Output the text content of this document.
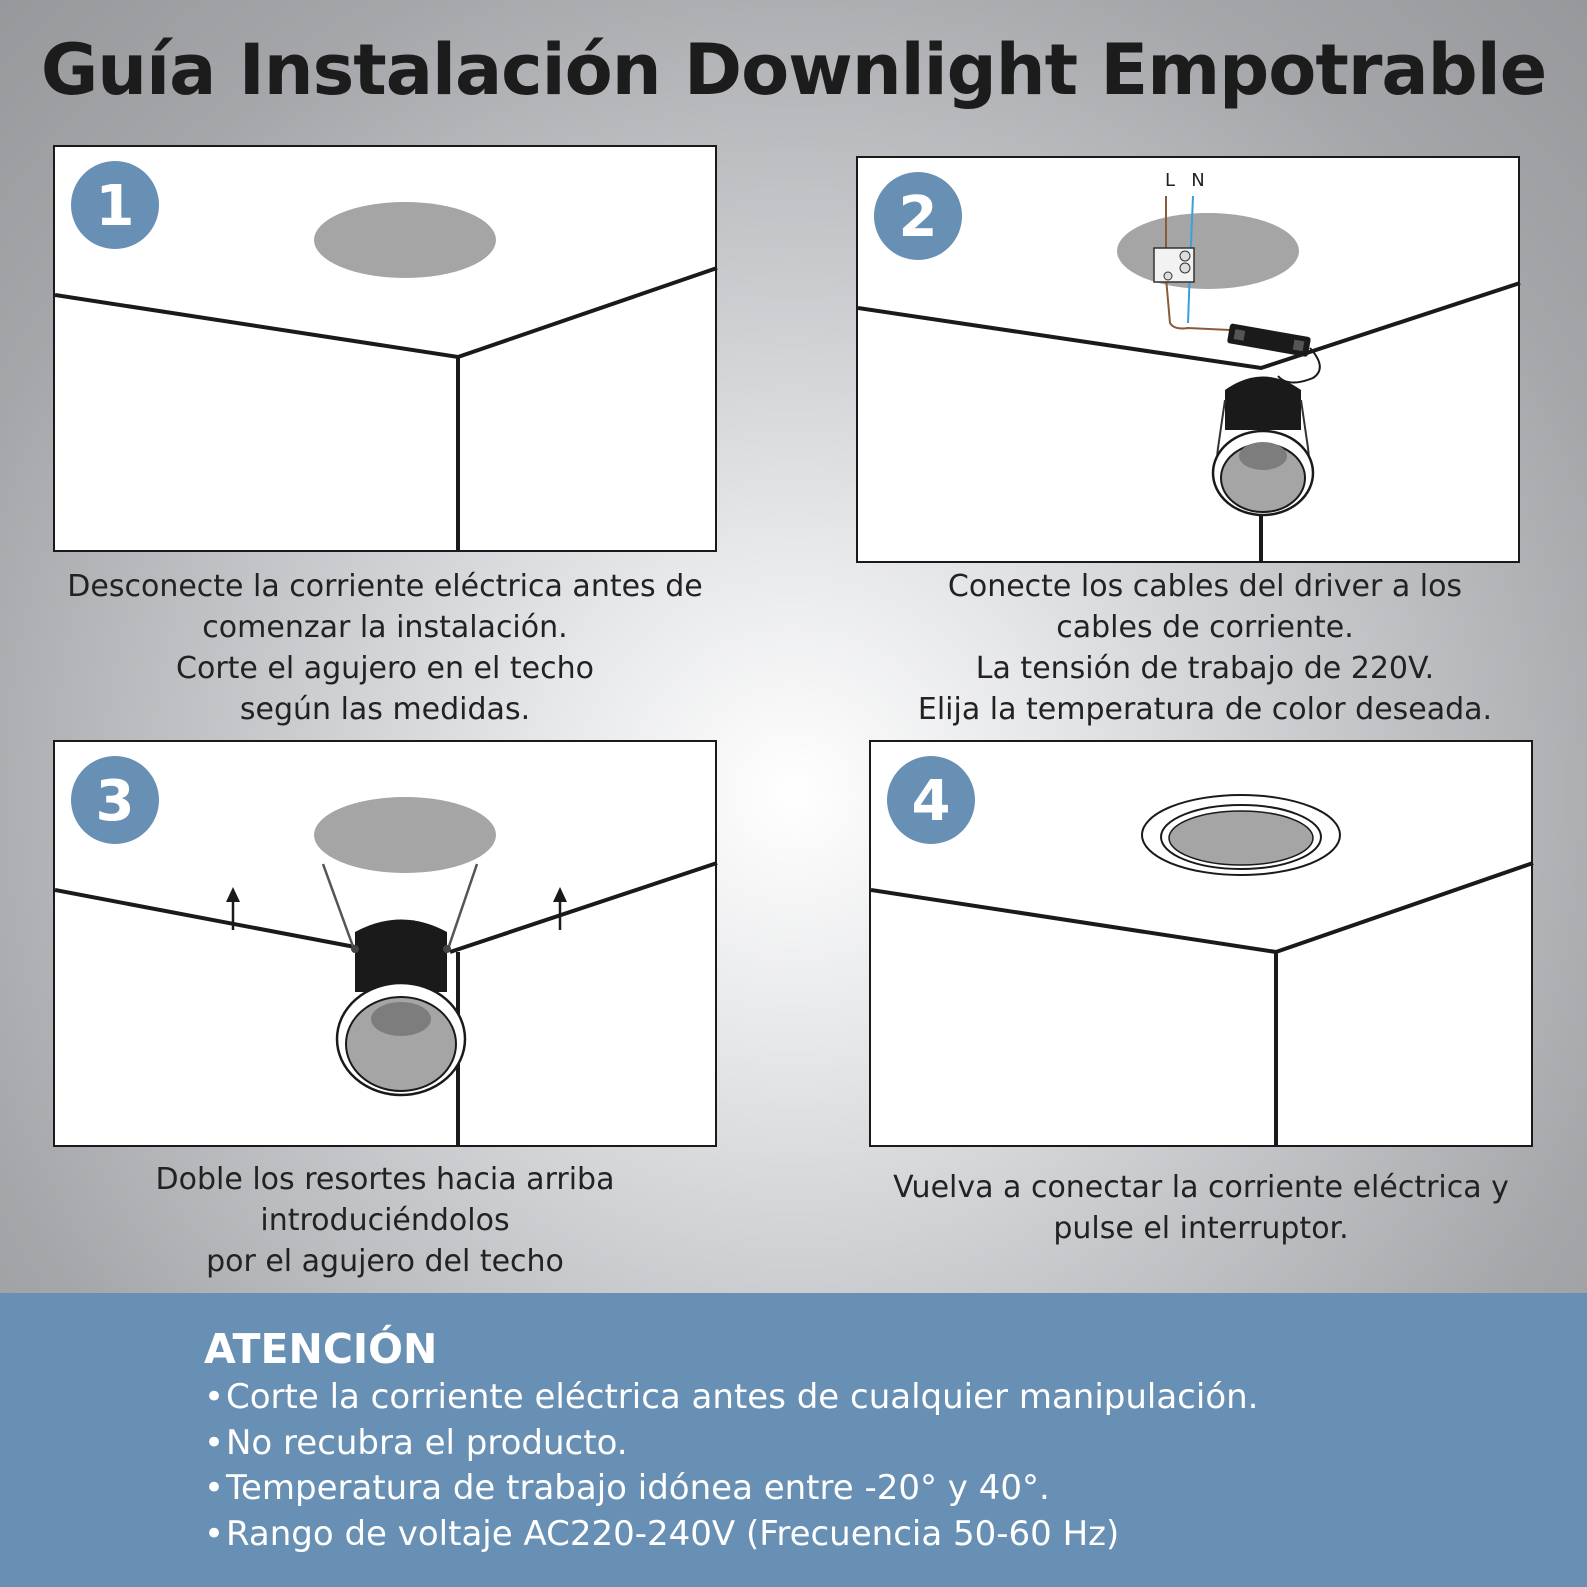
Guía Instalación Downlight Empotrable
1
Desconecte la corriente eléctrica antes de
comenzar la instalación.
Corte el agujero en el techo
según las medidas.
2
L N
Conecte los cables del driver a los
cables de corriente.
La tensión de trabajo de 220V.
Elija la temperatura de color deseada.
3
Doble los resortes hacia arriba
introduciéndolos
por el agujero del techo
4
Vuelva a conectar la corriente eléctrica y
pulse el interruptor.
ATENCIÓN
•Corte la corriente eléctrica antes de cualquier manipulación.
•No recubra el producto.
•Temperatura de trabajo idónea entre -20° y 40°.
•Rango de voltaje AC220-240V (Frecuencia 50-60 Hz)
